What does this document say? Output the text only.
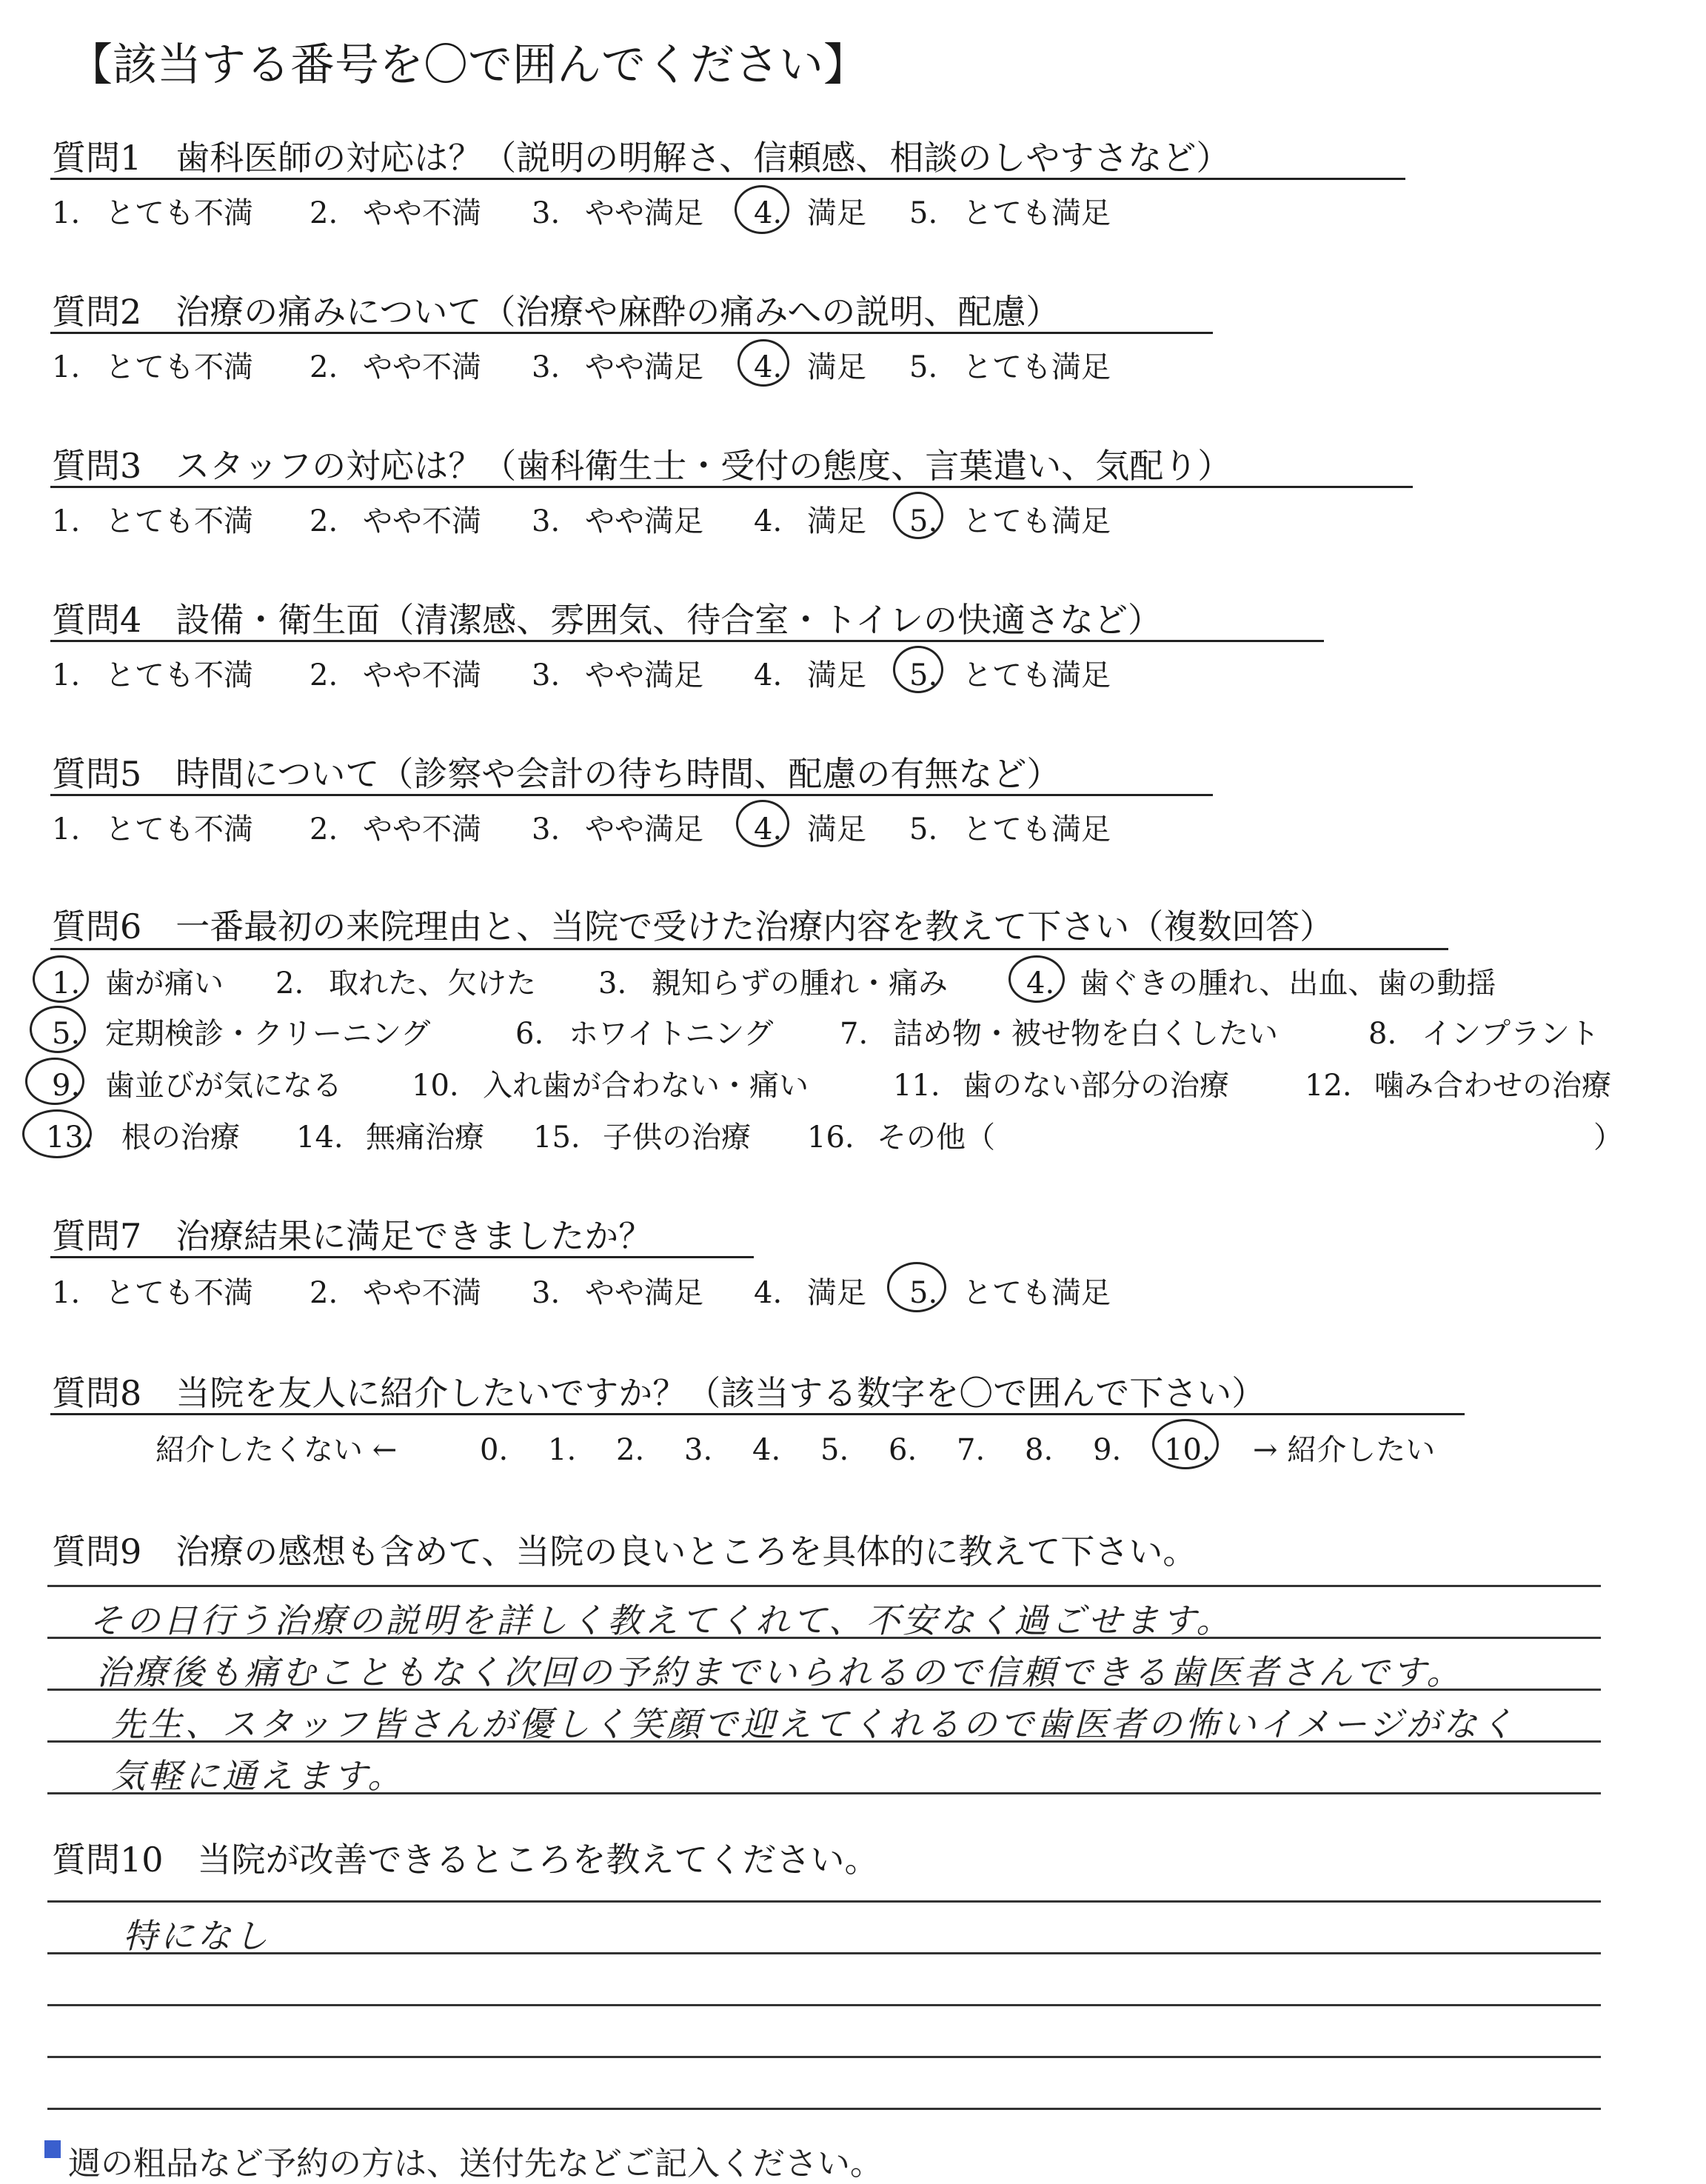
【該当する番号を〇で囲んでください】
質問1　歯科医師の対応は？（説明の明解さ、信頼感、相談のしやすさなど）
1. とても不満 2. やや不満 3. やや満足 4. 満足 5. とても満足
質問2　治療の痛みについて（治療や麻酔の痛みへの説明、配慮）
1. とても不満 2. やや不満 3. やや満足 4. 満足 5. とても満足
質問3　スタッフの対応は？（歯科衛生士・受付の態度、言葉遣い、気配り）
1. とても不満 2. やや不満 3. やや満足 4. 満足 5. とても満足
質問4　設備・衛生面（清潔感、雰囲気、待合室・トイレの快適さなど）
1. とても不満 2. やや不満 3. やや満足 4. 満足 5. とても満足
質問5　時間について（診察や会計の待ち時間、配慮の有無など）
1. とても不満 2. やや不満 3. やや満足 4. 満足 5. とても満足
質問6　一番最初の来院理由と、当院で受けた治療内容を教えて下さい（複数回答）
1. 歯が痛い 2. 取れた、欠けた 3. 親知らずの腫れ・痛み	4. 歯ぐきの腫れ、出血、歯の動揺
5. 定期検診・クリーニング	6. ホワイトニング 7. 詰め物・被せ物を白くしたい	8. インプラント
9. 歯並びが気になる 10. 入れ歯が合わない・痛い	11. 歯のない部分の治療	12. 噛み合わせの治療
13. 根の治療 14. 無痛治療 15. 子供の治療 16. その他（	）
質問7　治療結果に満足できましたか？
1. とても不満 2. やや不満 3. やや満足 4. 満足 5. とても満足
質問8　当院を友人に紹介したいですか？（該当する数字を〇で囲んで下さい）
紹介したくない ←	0. 1. 2. 3. 4. 5. 6. 7. 8. 9. 10. → 紹介したい
質問9　治療の感想も含めて、当院の良いところを具体的に教えて下さい。
その日行う治療の説明を詳しく教えてくれて、不安なく過ごせます。
治療後も痛むこともなく次回の予約までいられるので信頼できる歯医者さんです。
先生、スタッフ皆さんが優しく笑顔で迎えてくれるので歯医者の怖いイメージがなく
気軽に通えます。
質問10　当院が改善できるところを教えてください。
特になし
週の粗品など予約の方は、送付先などご記入ください。
